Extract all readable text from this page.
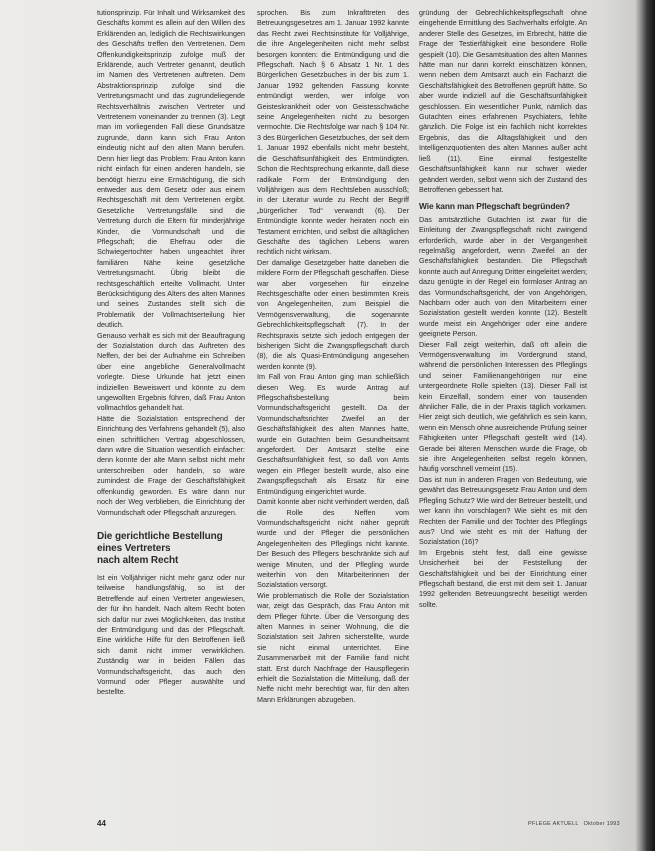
tutionsprinzip. Für Inhalt und Wirksamkeit des Geschäfts kommt es allein auf den Willen des Erklärenden an, lediglich die Rechtswirkungen des Geschäfts treffen den Vertretenen. Dem Offenkundigkeitsprinzip zufolge muß der Erklärende, auch Vertreter genannt, deutlich im Namen des Vertretenen auftreten. Dem Abstraktionsprinzip zufolge sind die Vertretungsmacht und das zugrundeliegende Rechtsverhältnis zwischen Vertreter und Vertretenem voneinander zu trennen (3). Legt man im vorliegenden Fall diese Grundsätze zugrunde, dann kann sich Frau Anton eindeutig nicht auf den alten Mann berufen. Denn hier liegt das Problem: Frau Anton kann nicht einfach für einen anderen handeln, sie benötigt hierzu eine Ermächtigung, die sich entweder aus dem Gesetz oder aus einem Rechtsgeschäft mit dem Vertretenen ergibt. Gesetzliche Vertretungsfälle sind die Vertretung durch die Eltern für minderjährige Kinder, die Vormundschaft und die Pflegschaft; die Ehefrau oder die Schwiegertochter haben ungeachtet ihrer familiären Nähe keine gesetzliche Vertretungsmacht. Übrig bleibt die rechtsgeschäftlich erteilte Vollmacht. Unter Berücksichtigung des Alters des alten Mannes und seines Zustandes stellt sich die Problematik der Vollmachtserteilung hier deutlich.

Genauso verhält es sich mit der Beauftragung der Sozialstation durch das Auftreten des Neffen, der bei der Aufnahme ein Schreiben über eine angebliche Generalvollmacht vorlegte. Diese Urkunde hat jetzt einen indiziellen Beweiswert und könnte zu dem ungewollten Ergebnis führen, daß Frau Anton vollmachtlos gehandelt hat.

Hätte die Sozialstation entsprechend der Einrichtung des Verfahrens gehandelt (5), also einen schriftlichen Vertrag abgeschlossen, dann wäre die Situation wesentlich einfacher: denn konnte der alte Mann selbst nicht mehr unterschreiben oder handeln, so wäre zumindest die Frage der Geschäftsfähigkeit offenkundig geworden. Es wäre dann nur noch der Weg verblieben, die Einrichtung der Vormundschaft oder Pflegschaft anzuregen.

Die gerichtliche Bestellung
eines Vertreters
nach altem Recht

Ist ein Volljähriger nicht mehr ganz oder nur teilweise handlungsfähig, so ist der Betreffende auf einen Vertreter angewiesen, der für ihn handelt. Nach altem Recht boten sich dafür nur zwei Möglichkeiten, das Institut der Entmündigung und das der Pflegschaft. Eine wirkliche Hilfe für den Betroffenen ließ sich damit nicht immer verwirklichen. Zuständig war in beiden Fällen das Vormundschaftsgericht, das auch den Vormund oder Pfleger auswählte und bestellte.

sprochen. Bis zum Inkrafttreten des Betreuungsgesetzes am 1. Januar 1992 kannte das Recht zwei Rechtsinstitute für Volljährige, die ihre Angelegenheiten nicht mehr selbst besorgen konnten: die Entmündigung und die Pflegschaft. Nach § 6 Absatz 1 Nr. 1 des Bürgerlichen Gesetzbuches in der bis zum 1. Januar 1992 geltenden Fassung konnte entmündigt werden, wer infolge von Geisteskrankheit oder von Geistesschwäche seine Angelegenheiten nicht zu besorgen vermochte. Die Rechtsfolge war nach § 104 Nr. 3 des Bürgerlichen Gesetzbuches, der seit dem 1. Januar 1992 ebenfalls nicht mehr besteht, die Geschäftsunfähigkeit des Entmündigten. Schon die Rechtsprechung erkannte, daß diese radikale Form der Entmündigung den Volljährigen aus dem Rechtsleben ausschloß; in der Literatur wurde zu Recht der Begriff „bürgerlicher Tod“ verwandt (6). Der Entmündigte konnte weder heiraten noch ein Testament errichten, und selbst die alltäglichen Geschäfte des täglichen Lebens waren rechtlich nicht wirksam.

Der damalige Gesetzgeber hatte daneben die mildere Form der Pflegschaft geschaffen. Diese war aber vorgesehen für einzelne Rechtsgeschäfte oder einen bestimmten Kreis von Angelegenheiten, zum Beispiel die Vermögensverwaltung, die sogenannte Gebrechlichkeitspflegschaft (7). In der Rechtspraxis setzte sich jedoch entgegen der bisherigen Sicht die Zwangspflegschaft durch (8), die als Quasi-Entmündigung angesehen werden konnte (9).

Im Fall von Frau Anton ging man schließlich diesen Weg. Es wurde Antrag auf Pflegschaftsbestellung beim Vormundschaftsgericht gestellt. Da der Vormundschaftsrichter Zweifel an der Geschäftsfähigkeit des alten Mannes hatte, wurde ein Gutachten beim Gesundheitsamt angefordert. Der Amtsarzt stellte eine Geschäftsunfähigkeit fest, so daß von Amts wegen ein Pfleger bestellt wurde, also eine Zwangspflegschaft als Ersatz für eine Entmündigung eingerichtet wurde.

Damit konnte aber nicht verhindert werden, daß die Rolle des Neffen vom Vormundschaftsgericht nicht näher geprüft wurde und der Pfleger die persönlichen Angelegenheiten des Pfleglings nicht kannte. Der Besuch des Pflegers beschränkte sich auf wenige Minuten, und der Pflegling wurde weiterhin von den Mitarbeiterinnen der Sozialstation versorgt.

Wie problematisch die Rolle der Sozialstation war, zeigt das Gespräch, das Frau Anton mit dem Pfleger führte. Über die Versorgung des alten Mannes in seiner Wohnung, die die Sozialstation seit Jahren sicherstellte, wurde sie nicht einmal unterrichtet. Eine Zusammenarbeit mit der Familie fand nicht statt. Erst durch Nachfrage der Hauspflegerin erhielt die Sozialstation die Mitteilung, daß der Neffe nicht mehr berechtigt war, für den alten Mann Erklärungen abzugeben.

gründung der Gebrechlichkeitspflegschaft ohne eingehende Ermittlung des Sachverhalts erfolgte. An anderer Stelle des Gesetzes, im Erbrecht, hätte die Frage der Testierfähigkeit eine besondere Rolle gespielt (10). Die Gesamtsituation des alten Mannes hätte man nur dann korrekt einschätzen können, wenn neben dem Amtsarzt auch ein Facharzt die Geschäftsfähigkeit des Betroffenen geprüft hätte. So aber wurde indiziell auf die Geschäftsunfähigkeit geschlossen. Ein wesentlicher Punkt, nämlich das Gutachten eines erfahrenen Psychiaters, fehlte gänzlich. Die Folge ist ein fachlich nicht korrektes Ergebnis, das die Alltagsfähigkeit und den Intelligenzquotienten des alten Mannes außer acht ließ (11). Eine einmal festgestellte Geschäftsunfähigkeit kann nur schwer wieder geändert werden, selbst wenn sich der Zustand des Betroffenen gebessert hat.

Wie kann man Pflegschaft begründen?

Das amtsärztliche Gutachten ist zwar für die Einleitung der Zwangspflegschaft nicht zwingend erforderlich, wurde aber in der Vergangenheit regelmäßig angefordert, wenn Zweifel an der Geschäftsfähigkeit bestanden. Die Pflegschaft konnte auch auf Anregung Dritter eingeleitet werden; dazu genügte in der Regel ein formloser Antrag an das Vormundschaftsgericht, der von Angehörigen, Nachbarn oder auch von den Mitarbeitern einer Sozialstation gestellt werden konnte (12). Bestellt wurde meist ein Angehöriger oder eine andere geeignete Person.

Dieser Fall zeigt weiterhin, daß oft allein die Vermögensverwaltung im Vordergrund stand, während die persönlichen Interessen des Pfleglings und seiner Familienangehörigen nur eine untergeordnete Rolle spielten (13). Dieser Fall ist kein Einzelfall, sondern einer von tausenden ähnlicher Fälle, die in der Praxis täglich vorkamen. Hier zeigt sich deutlich, wie gefährlich es sein kann, wenn ein Mensch ohne ausreichende Prüfung seiner Fähigkeiten unter Pflegschaft gestellt wird (14). Gerade bei älteren Menschen wurde die Frage, ob sie ihre Angelegenheiten selbst regeln können, häufig vorschnell verneint (15).

Das ist nun in anderen Fragen von Bedeutung, wie gewährt das Betreuungsgesetz Frau Anton und dem Pflegling Schutz? Wie wird der Betreuer bestellt, und wer kann ihn vorschlagen? Wie sieht es mit den Rechten der Familie und der Tochter des Pfleglings aus? Und wie steht es mit der Haftung der Sozialstation (16)?

Im Ergebnis steht fest, daß eine gewisse Unsicherheit bei der Feststellung der Geschäftsfähigkeit und bei der Einrichtung einer Pflegschaft bestand, die erst mit dem seit 1. Januar 1992 geltenden Betreuungsrecht beseitigt werden sollte.

44	PFLEGE AKTUELL Oktober 1993
